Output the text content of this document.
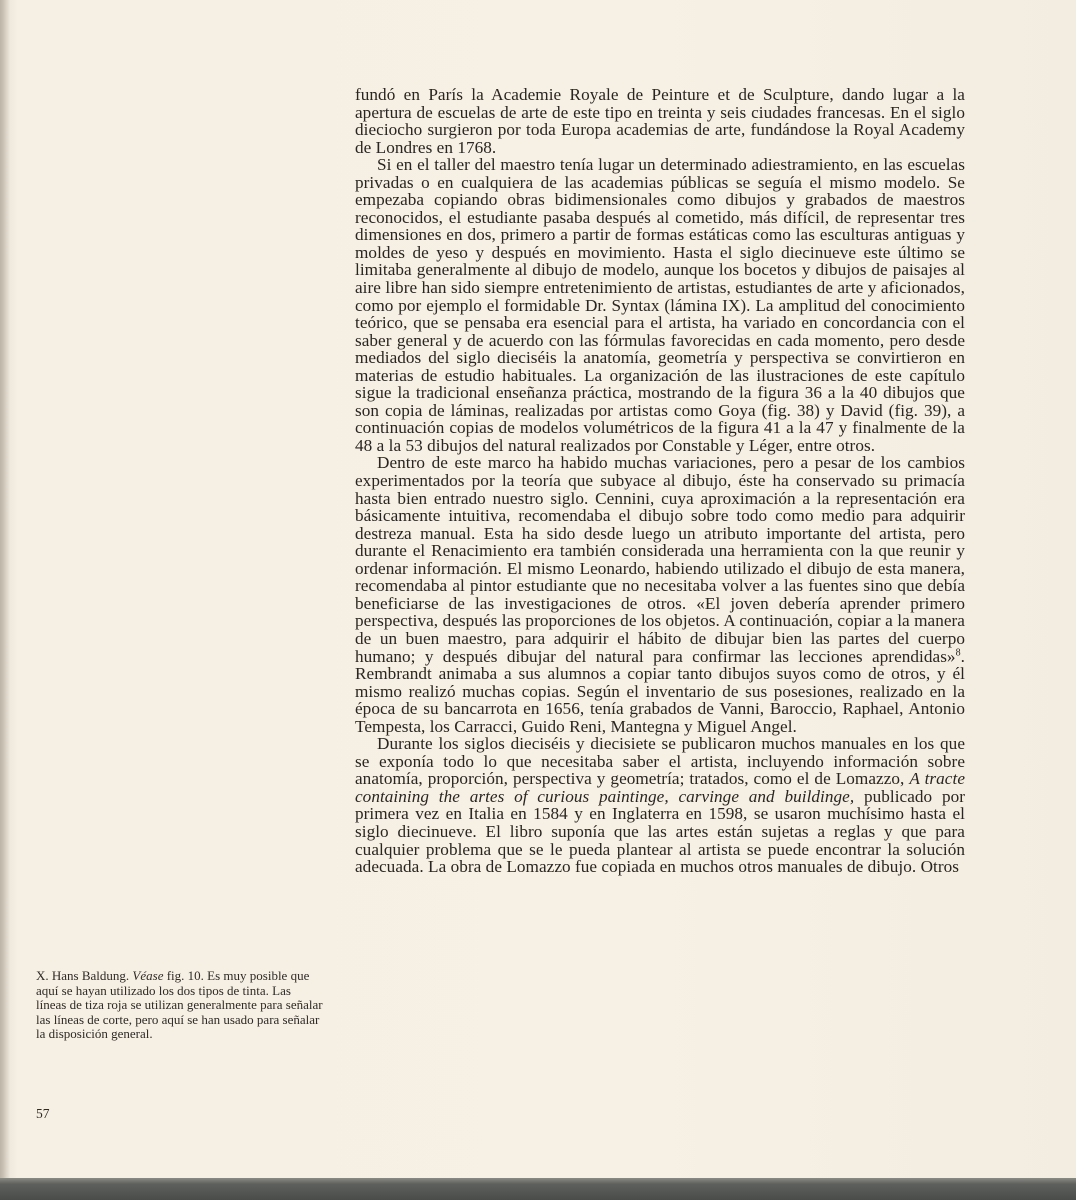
fundó en París la Academie Royale de Peinture et de Sculpture, dando lugar a la apertura de escuelas de arte de este tipo en treinta y seis ciudades francesas. En el siglo dieciocho surgieron por toda Europa academias de arte, fundándose la Royal Academy de Londres en 1768.

Si en el taller del maestro tenía lugar un determinado adiestramiento, en las escuelas privadas o en cualquiera de las academias públicas se seguía el mismo modelo. Se empezaba copiando obras bidimensionales como dibujos y grabados de maestros reconocidos, el estudiante pasaba después al cometido, más difícil, de representar tres dimensiones en dos, primero a partir de formas estáticas como las esculturas antiguas y moldes de yeso y después en movimiento. Hasta el siglo diecinueve este último se limitaba generalmente al dibujo de modelo, aunque los bocetos y dibujos de paisajes al aire libre han sido siempre entretenimiento de artistas, estudiantes de arte y aficionados, como por ejemplo el formidable Dr. Syntax (lámina IX). La amplitud del conocimiento teórico, que se pensaba era esencial para el artista, ha variado en concordancia con el saber general y de acuerdo con las fórmulas favorecidas en cada momento, pero desde mediados del siglo dieciséis la anatomía, geometría y perspectiva se convirtieron en materias de estudio habituales. La organización de las ilustraciones de este capítulo sigue la tradicional enseñanza práctica, mostrando de la figura 36 a la 40 dibujos que son copia de láminas, realizadas por artistas como Goya (fig. 38) y David (fig. 39), a continuación copias de modelos volumétricos de la figura 41 a la 47 y finalmente de la 48 a la 53 dibujos del natural realizados por Constable y Léger, entre otros.

Dentro de este marco ha habido muchas variaciones, pero a pesar de los cambios experimentados por la teoría que subyace al dibujo, éste ha conservado su primacía hasta bien entrado nuestro siglo. Cennini, cuya aproximación a la representación era básicamente intuitiva, recomendaba el dibujo sobre todo como medio para adquirir destreza manual. Esta ha sido desde luego un atributo importante del artista, pero durante el Renacimiento era también considerada una herramienta con la que reunir y ordenar información. El mismo Leonardo, habiendo utilizado el dibujo de esta manera, recomendaba al pintor estudiante que no necesitaba volver a las fuentes sino que debía beneficiarse de las investigaciones de otros. «El joven debería aprender primero perspectiva, después las proporciones de los objetos. A continuación, copiar a la manera de un buen maestro, para adquirir el hábito de dibujar bien las partes del cuerpo humano; y después dibujar del natural para confirmar las lecciones aprendidas»$^8$. Rembrandt animaba a sus alumnos a copiar tanto dibujos suyos como de otros, y él mismo realizó muchas copias. Según el inventario de sus posesiones, realizado en la época de su bancarrota en 1656, tenía grabados de Vanni, Baroccio, Raphael, Antonio Tempesta, los Carracci, Guido Reni, Mantegna y Miguel Angel.

Durante los siglos dieciséis y diecisiete se publicaron muchos manuales en los que se exponía todo lo que necesitaba saber el artista, incluyendo información sobre anatomía, proporción, perspectiva y geometría; tratados, como el de Lomazzo, A tracte containing the artes of curious paintinge, carvinge and buildinge, publicado por primera vez en Italia en 1584 y en Inglaterra en 1598, se usaron muchísimo hasta el siglo diecinueve. El libro suponía que las artes están sujetas a reglas y que para cualquier problema que se le pueda plantear al artista se puede encontrar la solución adecuada. La obra de Lomazzo fue copiada en muchos otros manuales de dibujo. Otros

X. Hans Baldung. Véase fig. 10. Es muy posible que aquí se hayan utilizado los dos tipos de tinta. Las líneas de tiza roja se utilizan generalmente para señalar las líneas de corte, pero aquí se han usado para señalar la disposición general.
57
